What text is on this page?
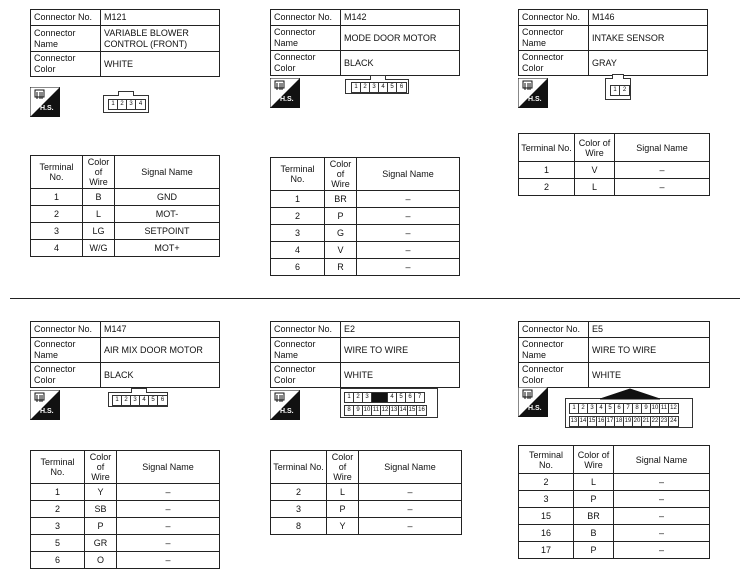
Connector No.	M121
Connector Name	VARIABLE BLOWER CONTROL (FRONT)
Connector Color	WHITE
H.S.
1 2 3	4
Terminal No.	Color of Wire	Signal Name
1	B	GND
2	L	MOT-
3	LG	SETPOINT
4	W/G	MOT+
Connector No.	M142
Connector Name	MODE DOOR MOTOR
Connector Color	BLACK
H.S.
1 2 3 4 5	6
Terminal No.	Color of Wire	Signal Name
1	BR	–
2	P	–
3	G	–
4	V	–
6	R	–
Connector No.	M146
Connector Name	INTAKE SENSOR
Connector Color	GRAY
H.S.
1	2
Terminal No.	Color of Wire	Signal Name
1	V	–
2	L	–
Connector No.	M147
Connector Name	AIR MIX DOOR MOTOR
Connector Color	BLACK
H.S.
1 2 3 4 5	6
Terminal No.	Color of Wire	Signal Name
1	Y	–
2	SB	–
3	P	–
5	GR	–
6	O	–
Connector No.	E2
Connector Name	WIRE TO WIRE
Connector Color	WHITE
H.S.
1 2 3	4 5 6	7
8 9 10 11 12 13 14 15 16
Terminal No.	Color of Wire	Signal Name
2	L	–
3	P	–
8	Y	–
Connector No.	E5
Connector Name	WIRE TO WIRE
Connector Color	WHITE
H.S.	1 2 3 4 5 6 7 8 9 10 11 12
13 14 15 16 17 18 19 20 21 22 23 24
Terminal No.	Color of Wire	Signal Name
2	L	–
3	P	–
15	BR	–
16	B	–
17	P	–
